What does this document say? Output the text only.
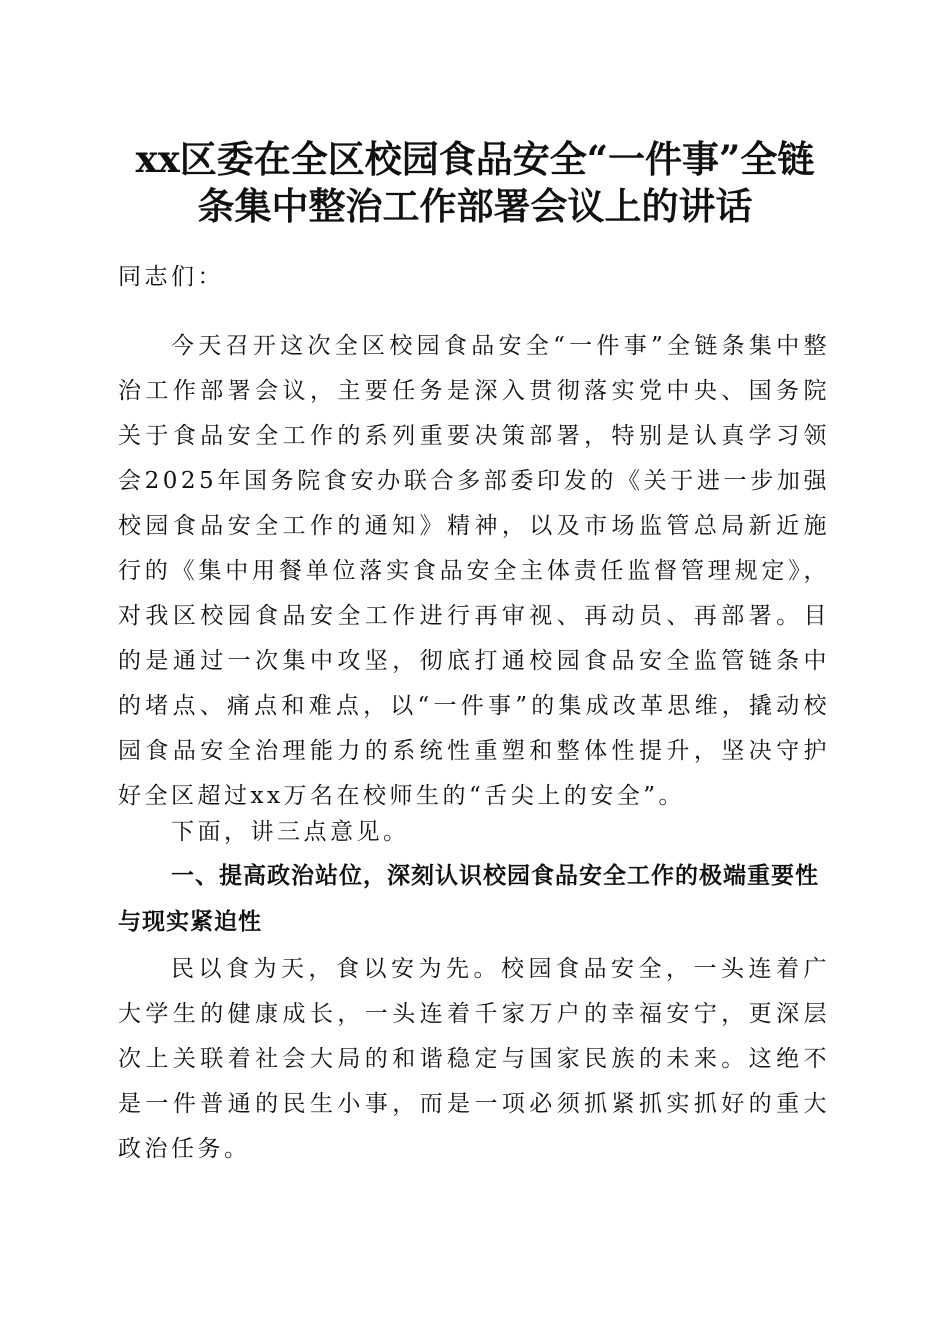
xx区委在全区校园食品安全“一件事”全链
条集中整治工作部署会议上的讲话

同志们：

今天召开这次全区校园食品安全“一件事”全链条集中整治工作部署会议，主要任务是深入贯彻落实党中央、国务院关于食品安全工作的系列重要决策部署，特别是认真学习领会2025年国务院食安办联合多部委印发的《关于进一步加强校园食品安全工作的通知》精神，以及市场监管总局新近施行的《集中用餐单位落实食品安全主体责任监督管理规定》，对我区校园食品安全工作进行再审视、再动员、再部署。目的是通过一次集中攻坚，彻底打通校园食品安全监管链条中的堵点、痛点和难点，以“一件事”的集成改革思维，撬动校园食品安全治理能力的系统性重塑和整体性提升，坚决守护好全区超过xx万名在校师生的“舌尖上的安全”。

下面，讲三点意见。

一、提高政治站位，深刻认识校园食品安全工作的极端重要性与现实紧迫性

民以食为天，食以安为先。校园食品安全，一头连着广大学生的健康成长，一头连着千家万户的幸福安宁，更深层次上关联着社会大局的和谐稳定与国家民族的未来。这绝不是一件普通的民生小事，而是一项必须抓紧抓实抓好的重大政治任务。
